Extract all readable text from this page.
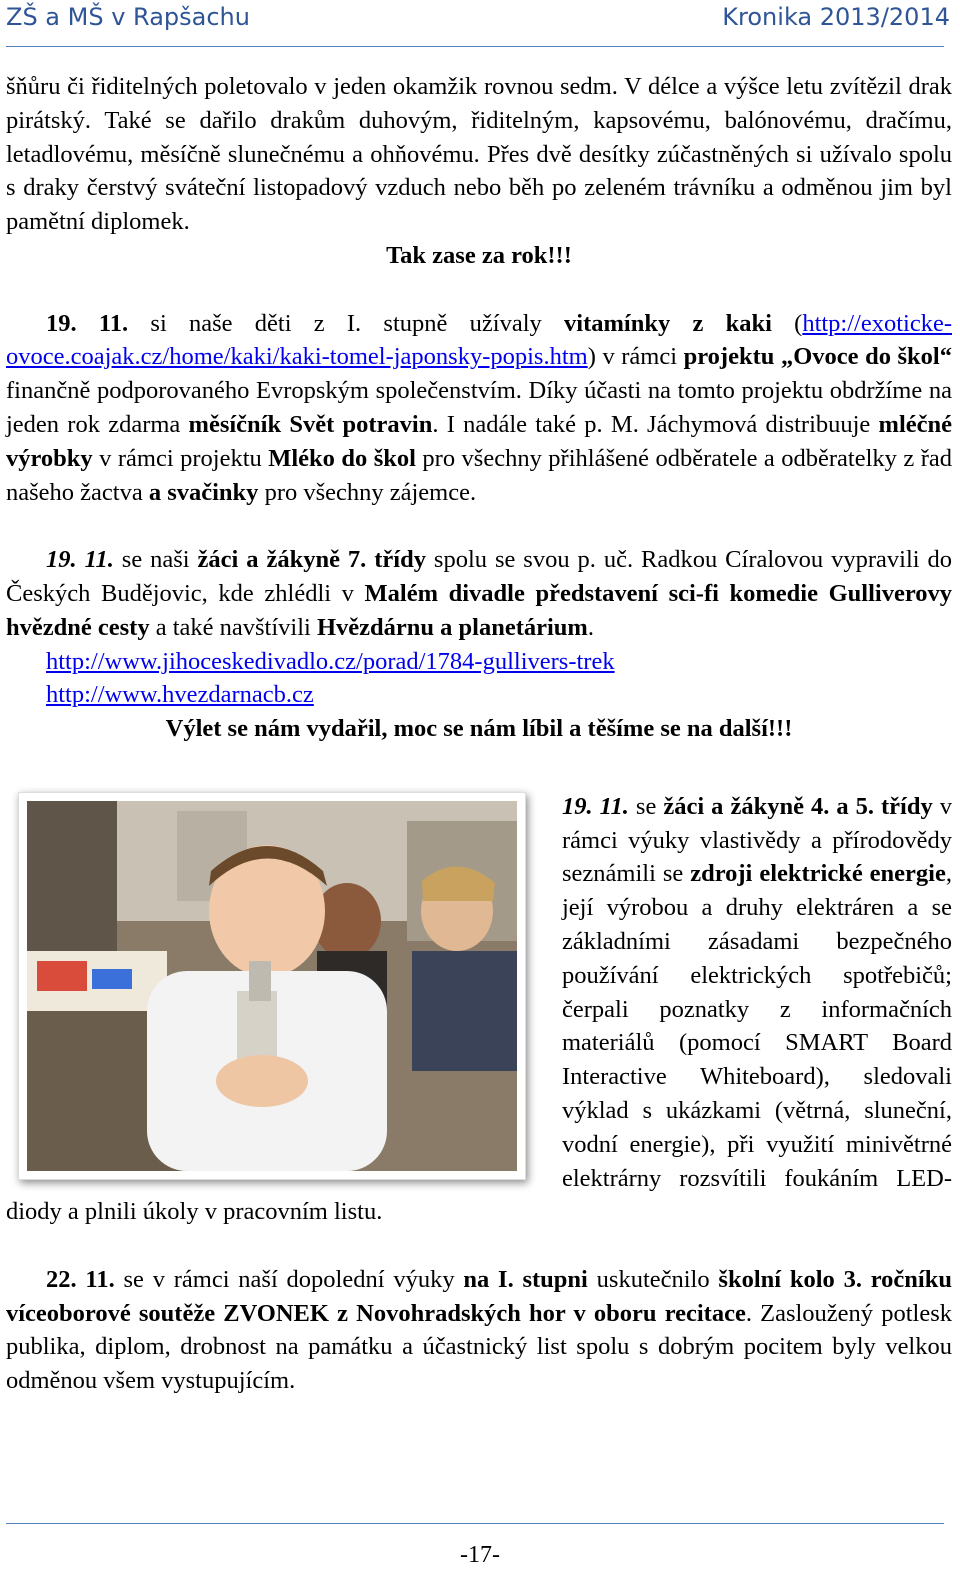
ZŠ a MŠ v Rapšachu	Kronika 2013/2014

šňůru či řiditelných poletovalo v jeden okamžik rovnou sedm. V délce a výšce letu zvítězil drak pirátský. Také se dařilo drakům duhovým, řiditelným, kapsovému, balónovému, dračímu, letadlovému, měsíčně slunečnému a ohňovému. Přes dvě desítky zúčastněných si užívalo spolu s draky čerstvý sváteční listopadový vzduch nebo běh po zeleném trávníku a odměnou jim byl pamětní diplomek.

Tak zase za rok!!!

19. 11. si naše děti z I. stupně užívaly vitamínky z kaki (http://exoticke-ovoce.coajak.cz/home/kaki/kaki-tomel-japonsky-popis.htm) v rámci projektu „Ovoce do škol“ finančně podporovaného Evropským společenstvím. Díky účasti na tomto projektu obdržíme na jeden rok zdarma měsíčník Svět potravin. I nadále také p. M. Jáchymová distribuuje mléčné výrobky v rámci projektu Mléko do škol pro všechny přihlášené odběratele a odběratelky z řad našeho žactva a svačinky pro všechny zájemce.

19. 11. se naši žáci a žákyně 7. třídy spolu se svou p. uč. Radkou Círalovou vypravili do Českých Budějovic, kde zhlédli v Malém divadle představení sci-fi komedie Gulliverovy hvězdné cesty a také navštívili Hvězdárnu a planetárium.

http://www.jihoceskedivadlo.cz/porad/1784-gullivers-trek

http://www.hvezdarnacb.cz

Výlet se nám vydařil, moc se nám líbil a těšíme se na další!!!

19. 11. se žáci a žákyně 4. a 5. třídy v rámci výuky vlastivědy a přírodovědy seznámili se zdroji elektrické energie, její výrobou a druhy elektráren a se základními zásadami bezpečného používání elektrických spotřebičů; čerpali poznatky z informačních materiálů (pomocí SMART Board Interactive Whiteboard), sledovali výklad s ukázkami (větrná, sluneční, vodní energie), při využití minivětrné elektrárny rozsvítili foukáním LED-diody a plnili úkoly v pracovním listu.

22. 11. se v rámci naší dopolední výuky na I. stupni uskutečnilo školní kolo 3. ročníku víceoborové soutěže ZVONEK z Novohradských hor v oboru recitace. Zasloužený potlesk publika, diplom, drobnost na památku a účastnický list spolu s dobrým pocitem byly velkou odměnou všem vystupujícím.

-17-
